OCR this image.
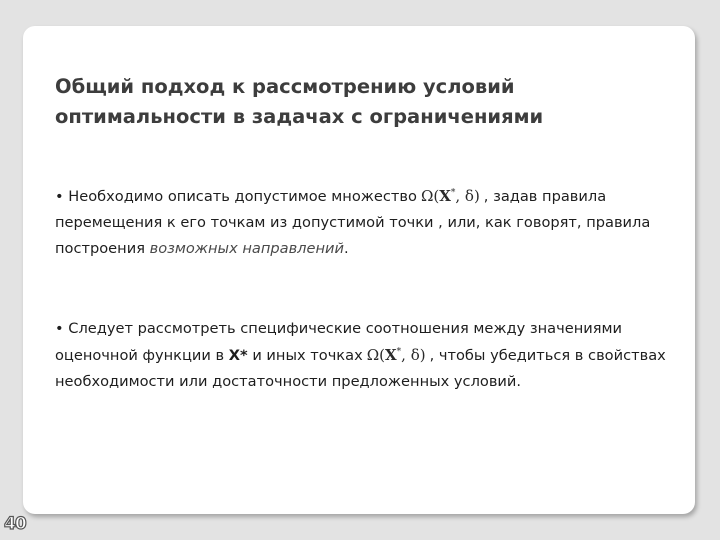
Общий подход к рассмотрению условий оптимальности в задачах с ограничениями

• Необходимо описать допустимое множество Ω(X*, δ) , задав правила перемещения к его точкам из допустимой точки , или, как говорят, правила построения возможных направлений.

• Следует рассмотреть специфические соотношения между значениями оценочной функции в X* и иных точках Ω(X*, δ) , чтобы убедиться в свойствах необходимости или достаточности предложенных условий.

40
